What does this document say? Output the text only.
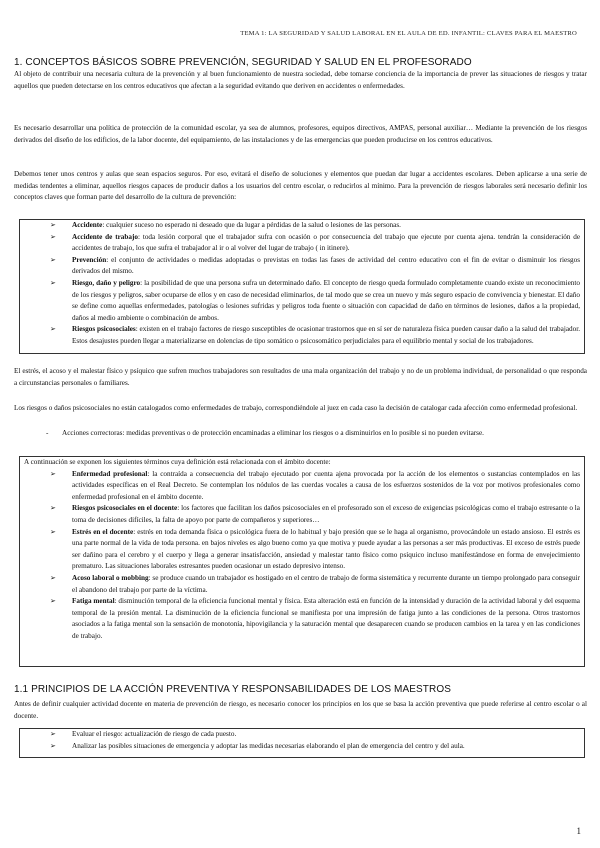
TEMA 1: LA SEGURIDAD Y SALUD LABORAL EN EL AULA DE ED. INFANTIL: CLAVES PARA EL MAESTRO
1. CONCEPTOS BÁSICOS SOBRE PREVENCIÓN, SEGURIDAD Y SALUD EN EL PROFESORADO

Al objeto de contribuir una necesaria cultura de la prevención y al buen funcionamiento de nuestra sociedad, debe tomarse conciencia de la importancia de prever las situaciones de riesgos y tratar aquellos que pueden detectarse en los centros educativos que afectan a la seguridad evitando que deriven en accidentes o enfermedades.

Es necesario desarrollar una política de protección de la comunidad escolar, ya sea de alumnos, profesores, equipos directivos, AMPAS, personal auxiliar… Mediante la prevención de los riesgos derivados del diseño de los edificios, de la labor docente, del equipamiento, de las instalaciones y de las emergencias que pueden producirse en los centros educativos.

Debemos tener unos centros y aulas que sean espacios seguros. Por eso, evitará el diseño de soluciones y elementos que puedan dar lugar a accidentes escolares. Deben aplicarse a una serie de medidas tendentes a eliminar, aquellos riesgos capaces de producir daños a los usuarios del centro escolar, o reducirlos al mínimo. Para la prevención de riesgos laborales será necesario definir los conceptos claves que forman parte del desarrollo de la cultura de prevención:

➢ Accidente: cualquier suceso no esperado ni deseado que da lugar a pérdidas de la salud o lesiones de las personas.
➢ Accidente de trabajo: toda lesión corporal que el trabajador sufra con ocasión o por consecuencia del trabajo que ejecute por cuenta ajena. tendrán la consideración de accidentes de trabajo, los que sufra el trabajador al ir o al volver del lugar de trabajo ( in itinere).
➢ Prevención: el conjunto de actividades o medidas adoptadas o previstas en todas las fases de actividad del centro educativo con el fin de evitar o disminuir los riesgos derivados del mismo.
➢ Riesgo, daño y peligro: la posibilidad de que una persona sufra un determinado daño. El concepto de riesgo queda formulado completamente cuando existe un reconocimiento de los riesgos y peligros, saber ocuparse de ellos y en caso de necesidad eliminarlos, de tal modo que se crea un nuevo y más seguro espacio de convivencia y bienestar. El daño se define como aquellas enfermedades, patologías o lesiones sufridas y peligros toda fuente o situación con capacidad de daño en términos de lesiones, daños a la propiedad, daños al medio ambiente o combinación de ambos.
➢ Riesgos psicosociales: existen en el trabajo factores de riesgo susceptibles de ocasionar trastornos que en sí ser de naturaleza física pueden causar daño a la salud del trabajador. Estos desajustes pueden llegar a materializarse en dolencias de tipo somático o psicosomático perjudiciales para el equilibrio mental y social de los trabajadores.

El estrés, el acoso y el malestar físico y psíquico que sufren muchos trabajadores son resultados de una mala organización del trabajo y no de un problema individual, de personalidad o que responda a circunstancias personales o familiares.

Los riesgos o daños psicosociales no están catalogados como enfermedades de trabajo, correspondiéndole al juez en cada caso la decisión de catalogar cada afección como enfermedad profesional.

- Acciones correctoras: medidas preventivas o de protección encaminadas a eliminar los riesgos o a disminuirlos en lo posible si no pueden evitarse.

A continuación se exponen los siguientes términos cuya definición está relacionada con el ámbito docente:
➢ Enfermedad profesional: la contraída a consecuencia del trabajo ejecutado por cuenta ajena provocada por la acción de los elementos o sustancias contemplados en las actividades específicas en el Real Decreto. Se contemplan los nódulos de las cuerdas vocales a causa de los esfuerzos sostenidos de la voz por motivos profesionales como enfermedad profesional en el ámbito docente.
➢ Riesgos psicosociales en el docente: los factores que facilitan los daños psicosociales en el profesorado son el exceso de exigencias psicológicas como el trabajo estresante o la toma de decisiones difíciles, la falta de apoyo por parte de compañeros y superiores…
➢ Estrés en el docente: estrés en toda demanda física o psicológica fuera de lo habitual y bajo presión que se le haga al organismo, provocándole un estado ansioso. El estrés es una parte normal de la vida de toda persona. en bajos niveles es algo bueno como ya que motiva y puede ayudar a las personas a ser más productivas. El exceso de estrés puede ser dañino para el cerebro y el cuerpo y llega a generar insatisfacción, ansiedad y malestar tanto físico como psíquico incluso manifestándose en forma de envejecimiento prematuro. Las situaciones laborales estresantes pueden ocasionar un estado depresivo intenso.
➢ Acoso laboral o mobbing: se produce cuando un trabajador es hostigado en el centro de trabajo de forma sistemática y recurrente durante un tiempo prolongado para conseguir el abandono del trabajo por parte de la víctima.
➢ Fatiga mental: disminución temporal de la eficiencia funcional mental y física. Esta alteración está en función de la intensidad y duración de la actividad laboral y del esquema temporal de la presión mental. La disminución de la eficiencia funcional se manifiesta por una impresión de fatiga junto a las condiciones de la persona. Otros trastornos asociados a la fatiga mental son la sensación de monotonía, hipovigilancia y la saturación mental que desaparecen cuando se producen cambios en la tarea y en las condiciones de trabajo.
1.1 PRINCIPIOS DE LA ACCIÓN PREVENTIVA Y RESPONSABILIDADES DE LOS MAESTROS

Antes de definir cualquier actividad docente en materia de prevención de riesgo, es necesario conocer los principios en los que se basa la acción preventiva que puede referirse al centro escolar o al docente.

➢ Evaluar el riesgo: actualización de riesgo de cada puesto.
➢ Analizar las posibles situaciones de emergencia y adoptar las medidas necesarias elaborando el plan de emergencia del centro y del aula.
1
